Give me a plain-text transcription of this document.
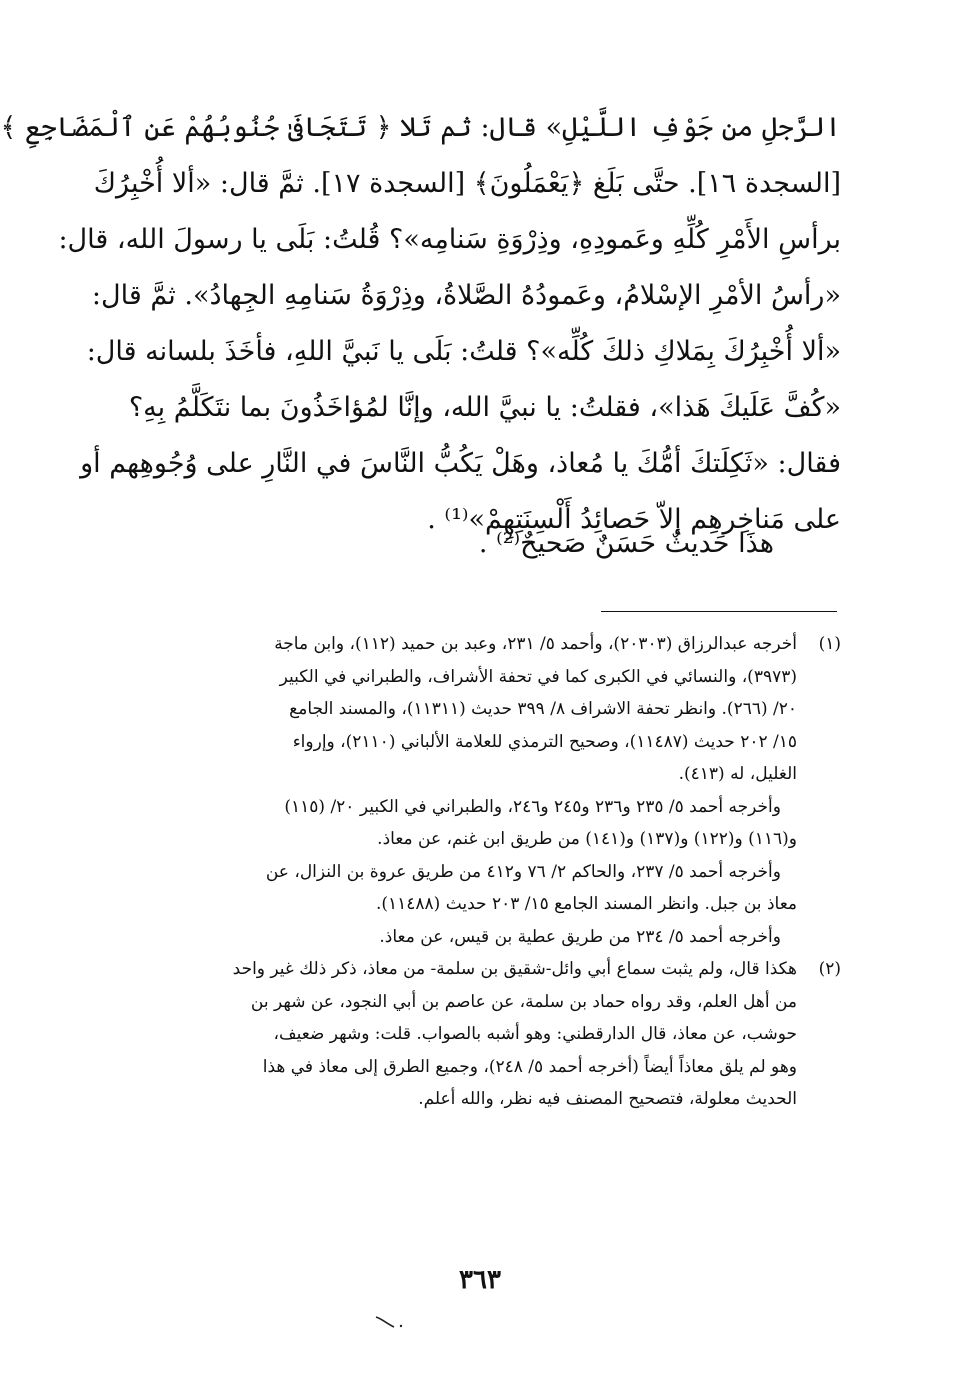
الرَّجلِ من جَوْفِ اللَّيْلِ» قال: ثم تَلا ﴿ تَتَجَافَىٰ جُنُوبُهُمْ عَنِ ٱلْمَضَاجِعِ ﴾
[السجدة ١٦]. حتَّى بَلَغ ﴿يَعْمَلُونَ﴾ [السجدة ١٧]. ثمَّ قال: «ألا أُخْبِرُكَ
برأسِ الأَمْرِ كُلِّهِ وعَمودِهِ، وذِرْوَةِ سَنامِه»؟ قُلتُ: بَلَى يا رسولَ الله، قال:
«رأسُ الأمْرِ الإسْلامُ، وعَمودُهُ الصَّلاةُ، وذِرْوَةُ سَنامِهِ الجِهادُ». ثمَّ قال:
«ألا أُخْبِرُكَ بِمَلاكِ ذلكَ كُلِّه»؟ قلتُ: بَلَى يا نَبيَّ اللهِ، فأخَذَ بلسانه قال:
«كُفَّ عَلَيكَ هَذا»، فقلتُ: يا نبيَّ الله، وإنَّا لمُؤاخَذُونَ بما نتَكَلَّمُ بِهِ؟
فقال: «ثَكِلَتكَ أمُّكَ يا مُعاذ، وهَلْ يَكُبُّ النَّاسَ في النَّارِ على وُجُوهِهم أو
على مَناخِرهِم إلاّ حَصائِدُ أَلْسِنَتِهِمْ»⁽¹⁾ .
هذَا حَديثٌ حَسَنٌ صَحيحٌ⁽²⁾ .
(١)أخرجه عبدالرزاق (٢٠٣٠٣)، وأحمد ٥/ ٢٣١، وعبد بن حميد (١١٢)، وابن ماجة
(٣٩٧٣)، والنسائي في الكبرى كما في تحفة الأشراف، والطبراني في الكبير
٢٠/ (٢٦٦). وانظر تحفة الاشراف ٨/ ٣٩٩ حديث (١١٣١١)، والمسند الجامع
١٥/ ٢٠٢ حديث (١١٤٨٧)، وصحيح الترمذي للعلامة الألباني (٢١١٠)، وإرواء
الغليل، له (٤١٣).
وأخرجه أحمد ٥/ ٢٣٥ و٢٣٦ و٢٤٥ و٢٤٦، والطبراني في الكبير ٢٠/ (١١٥)
و(١١٦) و(١٢٢) و(١٣٧) و(١٤١) من طريق ابن غنم، عن معاذ.
وأخرجه أحمد ٥/ ٢٣٧، والحاكم ٢/ ٧٦ و٤١٢ من طريق عروة بن النزال، عن
معاذ بن جبل. وانظر المسند الجامع ١٥/ ٢٠٣ حديث (١١٤٨٨).
وأخرجه أحمد ٥/ ٢٣٤ من طريق عطية بن قيس، عن معاذ.
(٢)هكذا قال، ولم يثبت سماع أبي وائل-شقيق بن سلمة- من معاذ، ذكر ذلك غير واحد
من أهل العلم، وقد رواه حماد بن سلمة، عن عاصم بن أبي النجود، عن شهر بن
حوشب، عن معاذ، قال الدارقطني: وهو أشبه بالصواب. قلت: وشهر ضعيف،
وهو لم يلق معاذاً أيضاً (أخرجه أحمد ٥/ ٢٤٨)، وجميع الطرق إلى معاذ في هذا
الحديث معلولة، فتصحيح المصنف فيه نظر، والله أعلم.
٣٦٣
